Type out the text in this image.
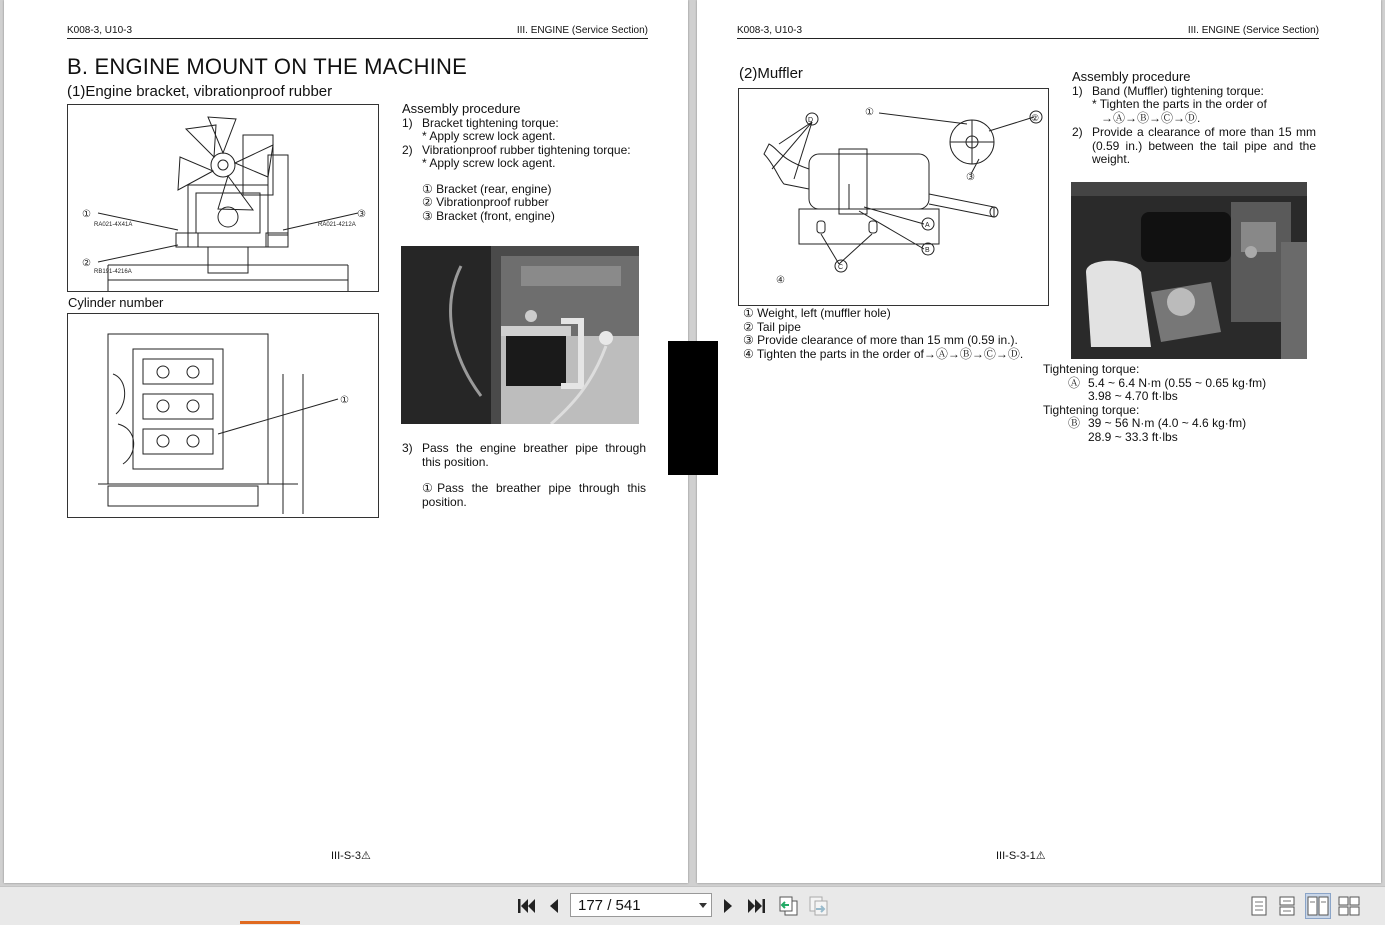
K008-3, U10-3	III. ENGINE (Service Section)
B. ENGINE MOUNT ON THE MACHINE
(1)Engine bracket, vibrationproof rubber
①	③
②
RA021-4X41A	RA021-4212A
RB191-4216A
Cylinder number
①
Assembly procedure
1) Bracket tightening torque:
* Apply screw lock agent.
2) Vibrationproof rubber tightening torque:
* Apply screw lock agent.
① Bracket (rear, engine)
② Vibrationproof rubber
③ Bracket (front, engine)
3) Pass the engine breather pipe through this position.
①Pass the breather pipe through this position.
III-S-3⚠
K008-3, U10-3	III. ENGINE (Service Section)
(2)Muffler
①	②
③
④
D
A
B
C
① Weight, left (muffler hole)
② Tail pipe
③ Provide clearance of more than 15 mm (0.59 in.).
④ Tighten the parts in the order of→Ⓐ→Ⓑ→Ⓒ→Ⓓ.
Assembly procedure
1) Band (Muffler) tightening torque:
* Tighten the parts in the order of
→Ⓐ→Ⓑ→Ⓒ→Ⓓ.
2) Provide a clearance of more than 15 mm (0.59 in.) between the tail pipe and the weight.
Tightening torque:
Ⓐ 5.4 ~ 6.4 N·m (0.55 ~ 0.65 kg·fm)
3.98 ~ 4.70 ft·lbs
Tightening torque:
Ⓑ 39 ~ 56 N·m (4.0 ~ 4.6 kg·fm)
28.9 ~ 33.3 ft·lbs
III-S-3-1⚠
177 / 541
